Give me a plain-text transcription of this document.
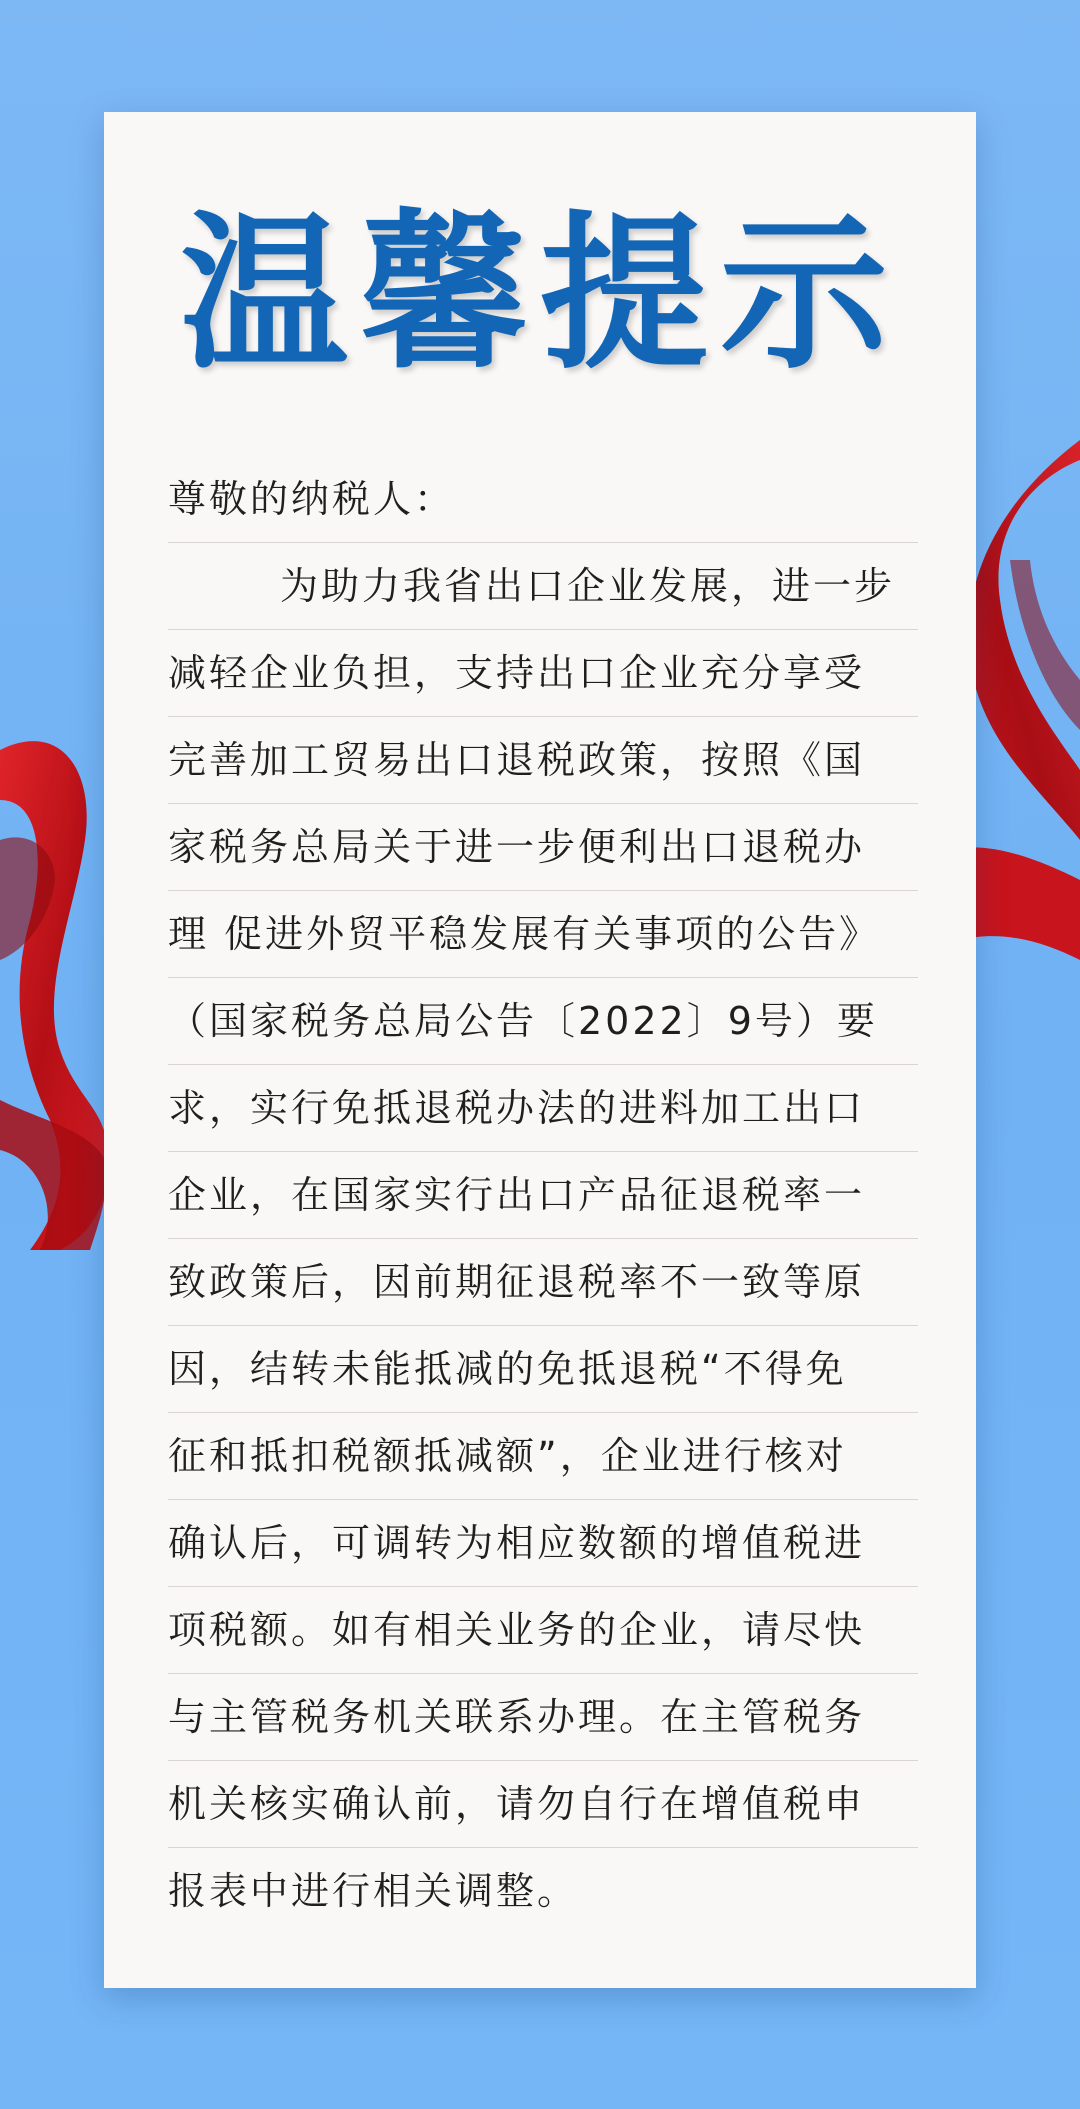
温馨提示
尊敬的纳税人：
为助力我省出口企业发展，进一步
减轻企业负担，支持出口企业充分享受
完善加工贸易出口退税政策，按照《国
家税务总局关于进一步便利出口退税办
理 促进外贸平稳发展有关事项的公告》
（国家税务总局公告〔2022〕9号）要
求，实行免抵退税办法的进料加工出口
企业，在国家实行出口产品征退税率一
致政策后，因前期征退税率不一致等原
因，结转未能抵减的免抵退税“不得免
征和抵扣税额抵减额”，企业进行核对
确认后，可调转为相应数额的增值税进
项税额。如有相关业务的企业，请尽快
与主管税务机关联系办理。在主管税务
机关核实确认前，请勿自行在增值税申
报表中进行相关调整。
